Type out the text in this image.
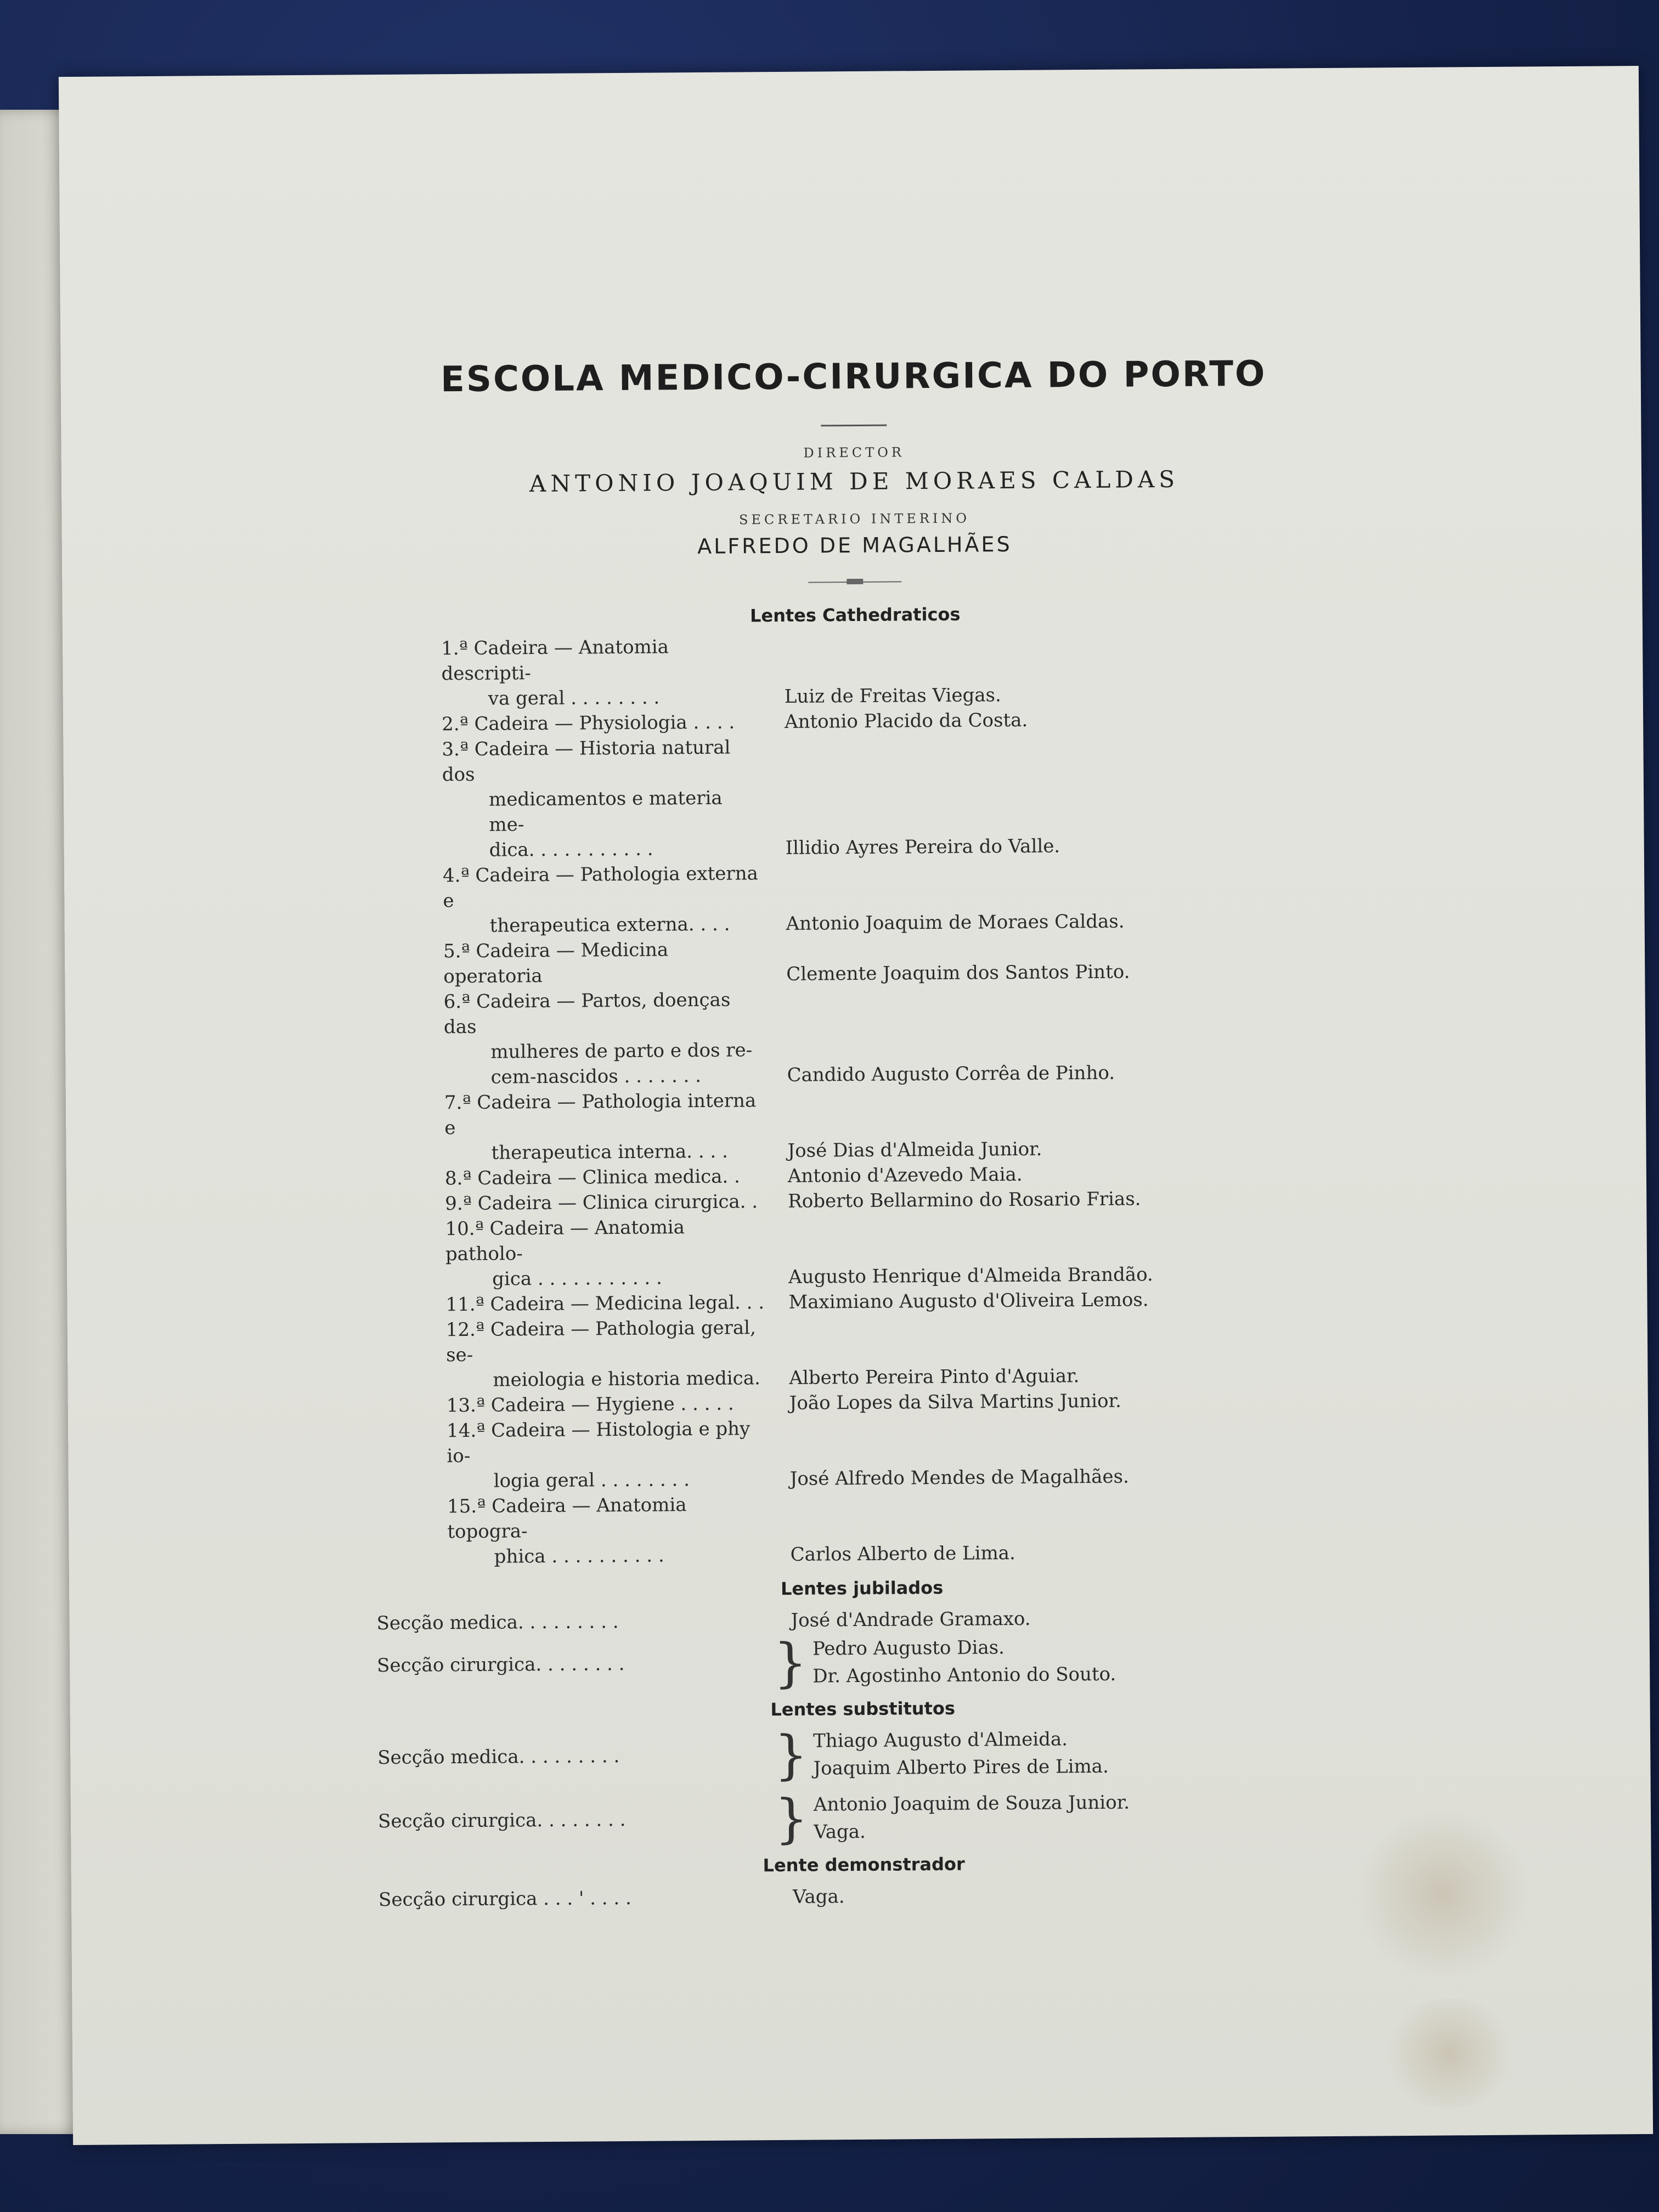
ESCOLA MEDICO-CIRURGICA DO PORTO
DIRECTOR
ANTONIO JOAQUIM DE MORAES CALDAS
SECRETARIO INTERINO
ALFREDO DE MAGALHÃES
Lentes Cathedraticos
1.ª Cadeira — Anatomia descripti-
va geral . . . . . . . .	Luiz de Freitas Viegas.
2.ª Cadeira — Physiologia . . . .	Antonio Placido da Costa.
3.ª Cadeira — Historia natural dos
medicamentos e materia me-
dica. . . . . . . . . . .	Illidio Ayres Pereira do Valle.
4.ª Cadeira — Pathologia externa e
therapeutica externa. . . .	Antonio Joaquim de Moraes Caldas.
5.ª Cadeira — Medicina operatoria	Clemente Joaquim dos Santos Pinto.
6.ª Cadeira — Partos, doenças das
mulheres de parto e dos re-
cem-nascidos . . . . . . .	Candido Augusto Corrêa de Pinho.
7.ª Cadeira — Pathologia interna e
therapeutica interna. . . .	José Dias d'Almeida Junior.
8.ª Cadeira — Clinica medica. .	Antonio d'Azevedo Maia.
9.ª Cadeira — Clinica cirurgica. .	Roberto Bellarmino do Rosario Frias.
10.ª Cadeira — Anatomia patholo-
gica . . . . . . . . . . .	Augusto Henrique d'Almeida Brandão.
11.ª Cadeira — Medicina legal. . .	Maximiano Augusto d'Oliveira Lemos.
12.ª Cadeira — Pathologia geral, se-
meiologia e historia medica.	Alberto Pereira Pinto d'Aguiar.
13.ª Cadeira — Hygiene . . . . .	João Lopes da Silva Martins Junior.
14.ª Cadeira — Histologia e phy io-
logia geral . . . . . . . .	José Alfredo Mendes de Magalhães.
15.ª Cadeira — Anatomia topogra-
phica . . . . . . . . . .	Carlos Alberto de Lima.
Lentes jubilados
Secção medica. . . . . . . . .	José d'Andrade Gramaxo.
Secção cirurgica. . . . . . . .	} Pedro Augusto Dias.
Dr. Agostinho Antonio do Souto.
Lentes substitutos
Secção medica. . . . . . . . .	} Thiago Augusto d'Almeida.
Joaquim Alberto Pires de Lima.
Secção cirurgica. . . . . . . .	} Antonio Joaquim de Souza Junior.
Vaga.
Lente demonstrador
Secção cirurgica . . . ' . . . .	Vaga.
